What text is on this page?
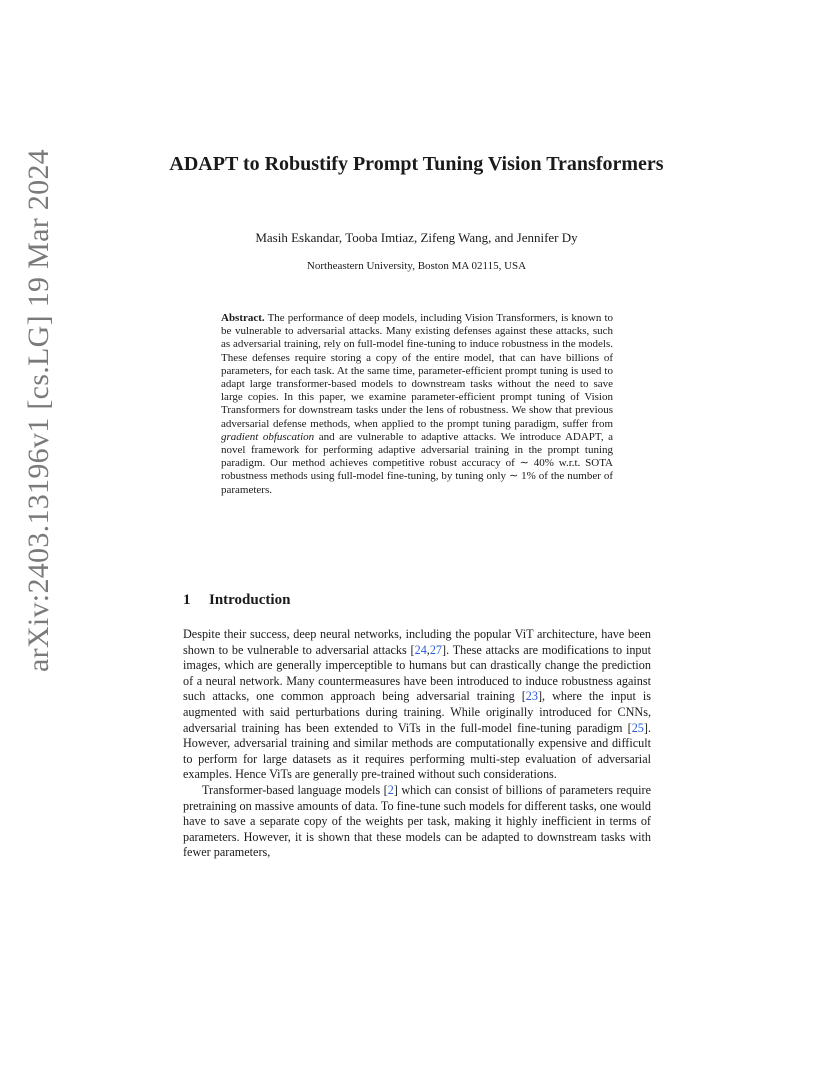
arXiv:2403.13196v1 [cs.LG] 19 Mar 2024	ADAPT to Robustify Prompt Tuning Vision Transformers
Masih Eskandar, Tooba Imtiaz, Zifeng Wang, and Jennifer Dy
Northeastern University, Boston MA 02115, USA
Abstract. The performance of deep models, including Vision Transformers, is known to be vulnerable to adversarial attacks. Many existing defenses against these attacks, such as adversarial training, rely on full-model fine-tuning to induce robustness in the models. These defenses require storing a copy of the entire model, that can have billions of parameters, for each task. At the same time, parameter-efficient prompt tuning is used to adapt large transformer-based models to downstream tasks without the need to save large copies. In this paper, we examine parameter-efficient prompt tuning of Vision Transformers for downstream tasks under the lens of robustness. We show that previous adversarial defense methods, when applied to the prompt tuning paradigm, suffer from gradient obfuscation and are vulnerable to adaptive attacks. We introduce ADAPT, a novel framework for performing adaptive adversarial training in the prompt tuning paradigm. Our method achieves competitive robust accuracy of ∼ 40% w.r.t. SOTA robustness methods using full-model fine-tuning, by tuning only ∼ 1% of the number of parameters.
1 Introduction

Despite their success, deep neural networks, including the popular ViT architecture, have been shown to be vulnerable to adversarial attacks [24,27]. These attacks are modifications to input images, which are generally imperceptible to humans but can drastically change the prediction of a neural network. Many countermeasures have been introduced to induce robustness against such attacks, one common approach being adversarial training [23], where the input is augmented with said perturbations during training. While originally introduced for CNNs, adversarial training has been extended to ViTs in the full-model fine-tuning paradigm [25]. However, adversarial training and similar methods are computationally expensive and difficult to perform for large datasets as it requires performing multi-step evaluation of adversarial examples. Hence ViTs are generally pre-trained without such considerations.

Transformer-based language models [2] which can consist of billions of parameters require pretraining on massive amounts of data. To fine-tune such models for different tasks, one would have to save a separate copy of the weights per task, making it highly inefficient in terms of parameters. However, it is shown that these models can be adapted to downstream tasks with fewer parameters,
